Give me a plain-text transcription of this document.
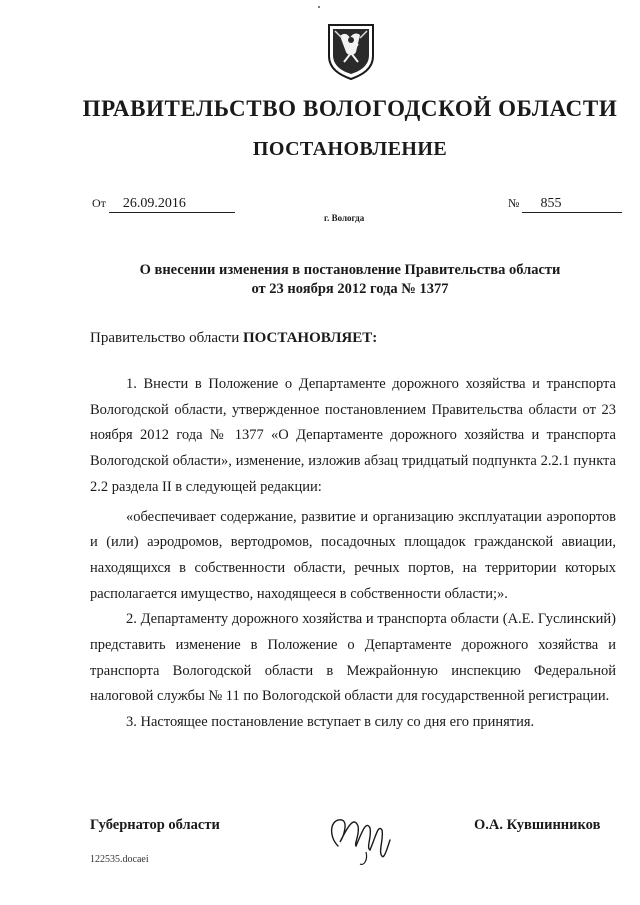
ПРАВИТЕЛЬСТВО ВОЛОГОДСКОЙ ОБЛАСТИ
ПОСТАНОВЛЕНИЕ
От 26.09.2016	№ 855
г. Вологда
О внесении изменения в постановление Правительства области
от 23 ноября 2012 года № 1377
Правительство области ПОСТАНОВЛЯЕТ:

1. Внести в Положение о Департаменте дорожного хозяйства и транспорта Вологодской области, утвержденное постановлением Правительства области от 23 ноября 2012 года № 1377 «О Департаменте дорожного хозяйства и транспорта Вологодской области», изменение, изложив абзац тридцатый подпункта 2.2.1 пункта 2.2 раздела II в следующей редакции:

«обеспечивает содержание, развитие и организацию эксплуатации аэропортов и (или) аэродромов, вертодромов, посадочных площадок гражданской авиации, находящихся в собственности области, речных портов, на территории которых располагается имущество, находящееся в собственности области;».

2. Департаменту дорожного хозяйства и транспорта области (А.Е. Гуслинский) представить изменение в Положение о Департаменте дорожного хозяйства и транспорта Вологодской области в Межрайонную инспекцию Федеральной налоговой службы № 11 по Вологодской области для государственной регистрации.

3. Настоящее постановление вступает в силу со дня его принятия.

Губернатор области	О.А. Кувшинников
122535.docaei
